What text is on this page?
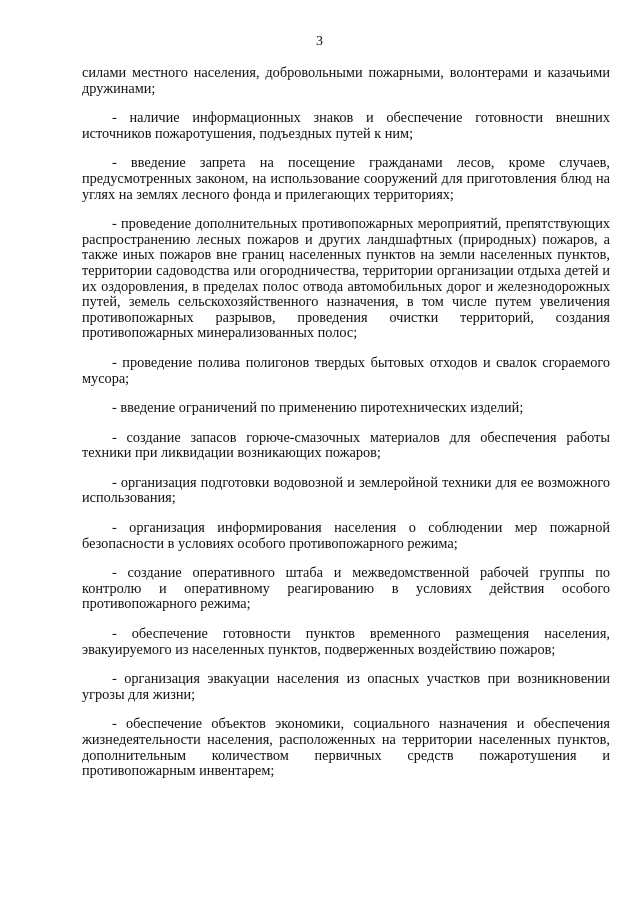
3

силами местного населения, добровольными пожарными, волонтерами и казачьими дружинами;

- наличие информационных знаков и обеспечение готовности внешних источников пожаротушения, подъездных путей к ним;

- введение запрета на посещение гражданами лесов, кроме случаев, предусмотренных законом, на использование сооружений для приготовления блюд на углях на землях лесного фонда и прилегающих территориях;

- проведение дополнительных противопожарных мероприятий, препятствующих распространению лесных пожаров и других ландшафтных (природных) пожаров, а также иных пожаров вне границ населенных пунктов на земли населенных пунктов, территории садоводства или огородничества, территории организации отдыха детей и их оздоровления, в пределах полос отвода автомобильных дорог и железнодорожных путей, земель сельскохозяйственного назначения, в том числе путем увеличения противопожарных разрывов, проведения очистки территорий, создания противопожарных минерализованных полос;

- проведение полива полигонов твердых бытовых отходов и свалок сгораемого мусора;

- введение ограничений по применению пиротехнических изделий;

- создание запасов горюче-смазочных материалов для обеспечения работы техники при ликвидации возникающих пожаров;

- организация подготовки водовозной и землеройной техники для ее возможного использования;

- организация информирования населения о соблюдении мер пожарной безопасности в условиях особого противопожарного режима;

- создание оперативного штаба и межведомственной рабочей группы по контролю и оперативному реагированию в условиях действия особого противопожарного режима;

- обеспечение готовности пунктов временного размещения населения, эвакуируемого из населенных пунктов, подверженных воздействию пожаров;

- организация эвакуации населения из опасных участков при возникновении угрозы для жизни;

- обеспечение объектов экономики, социального назначения и обеспечения жизнедеятельности населения, расположенных на территории населенных пунктов, дополнительным количеством первичных средств пожаротушения и противопожарным инвентарем;
